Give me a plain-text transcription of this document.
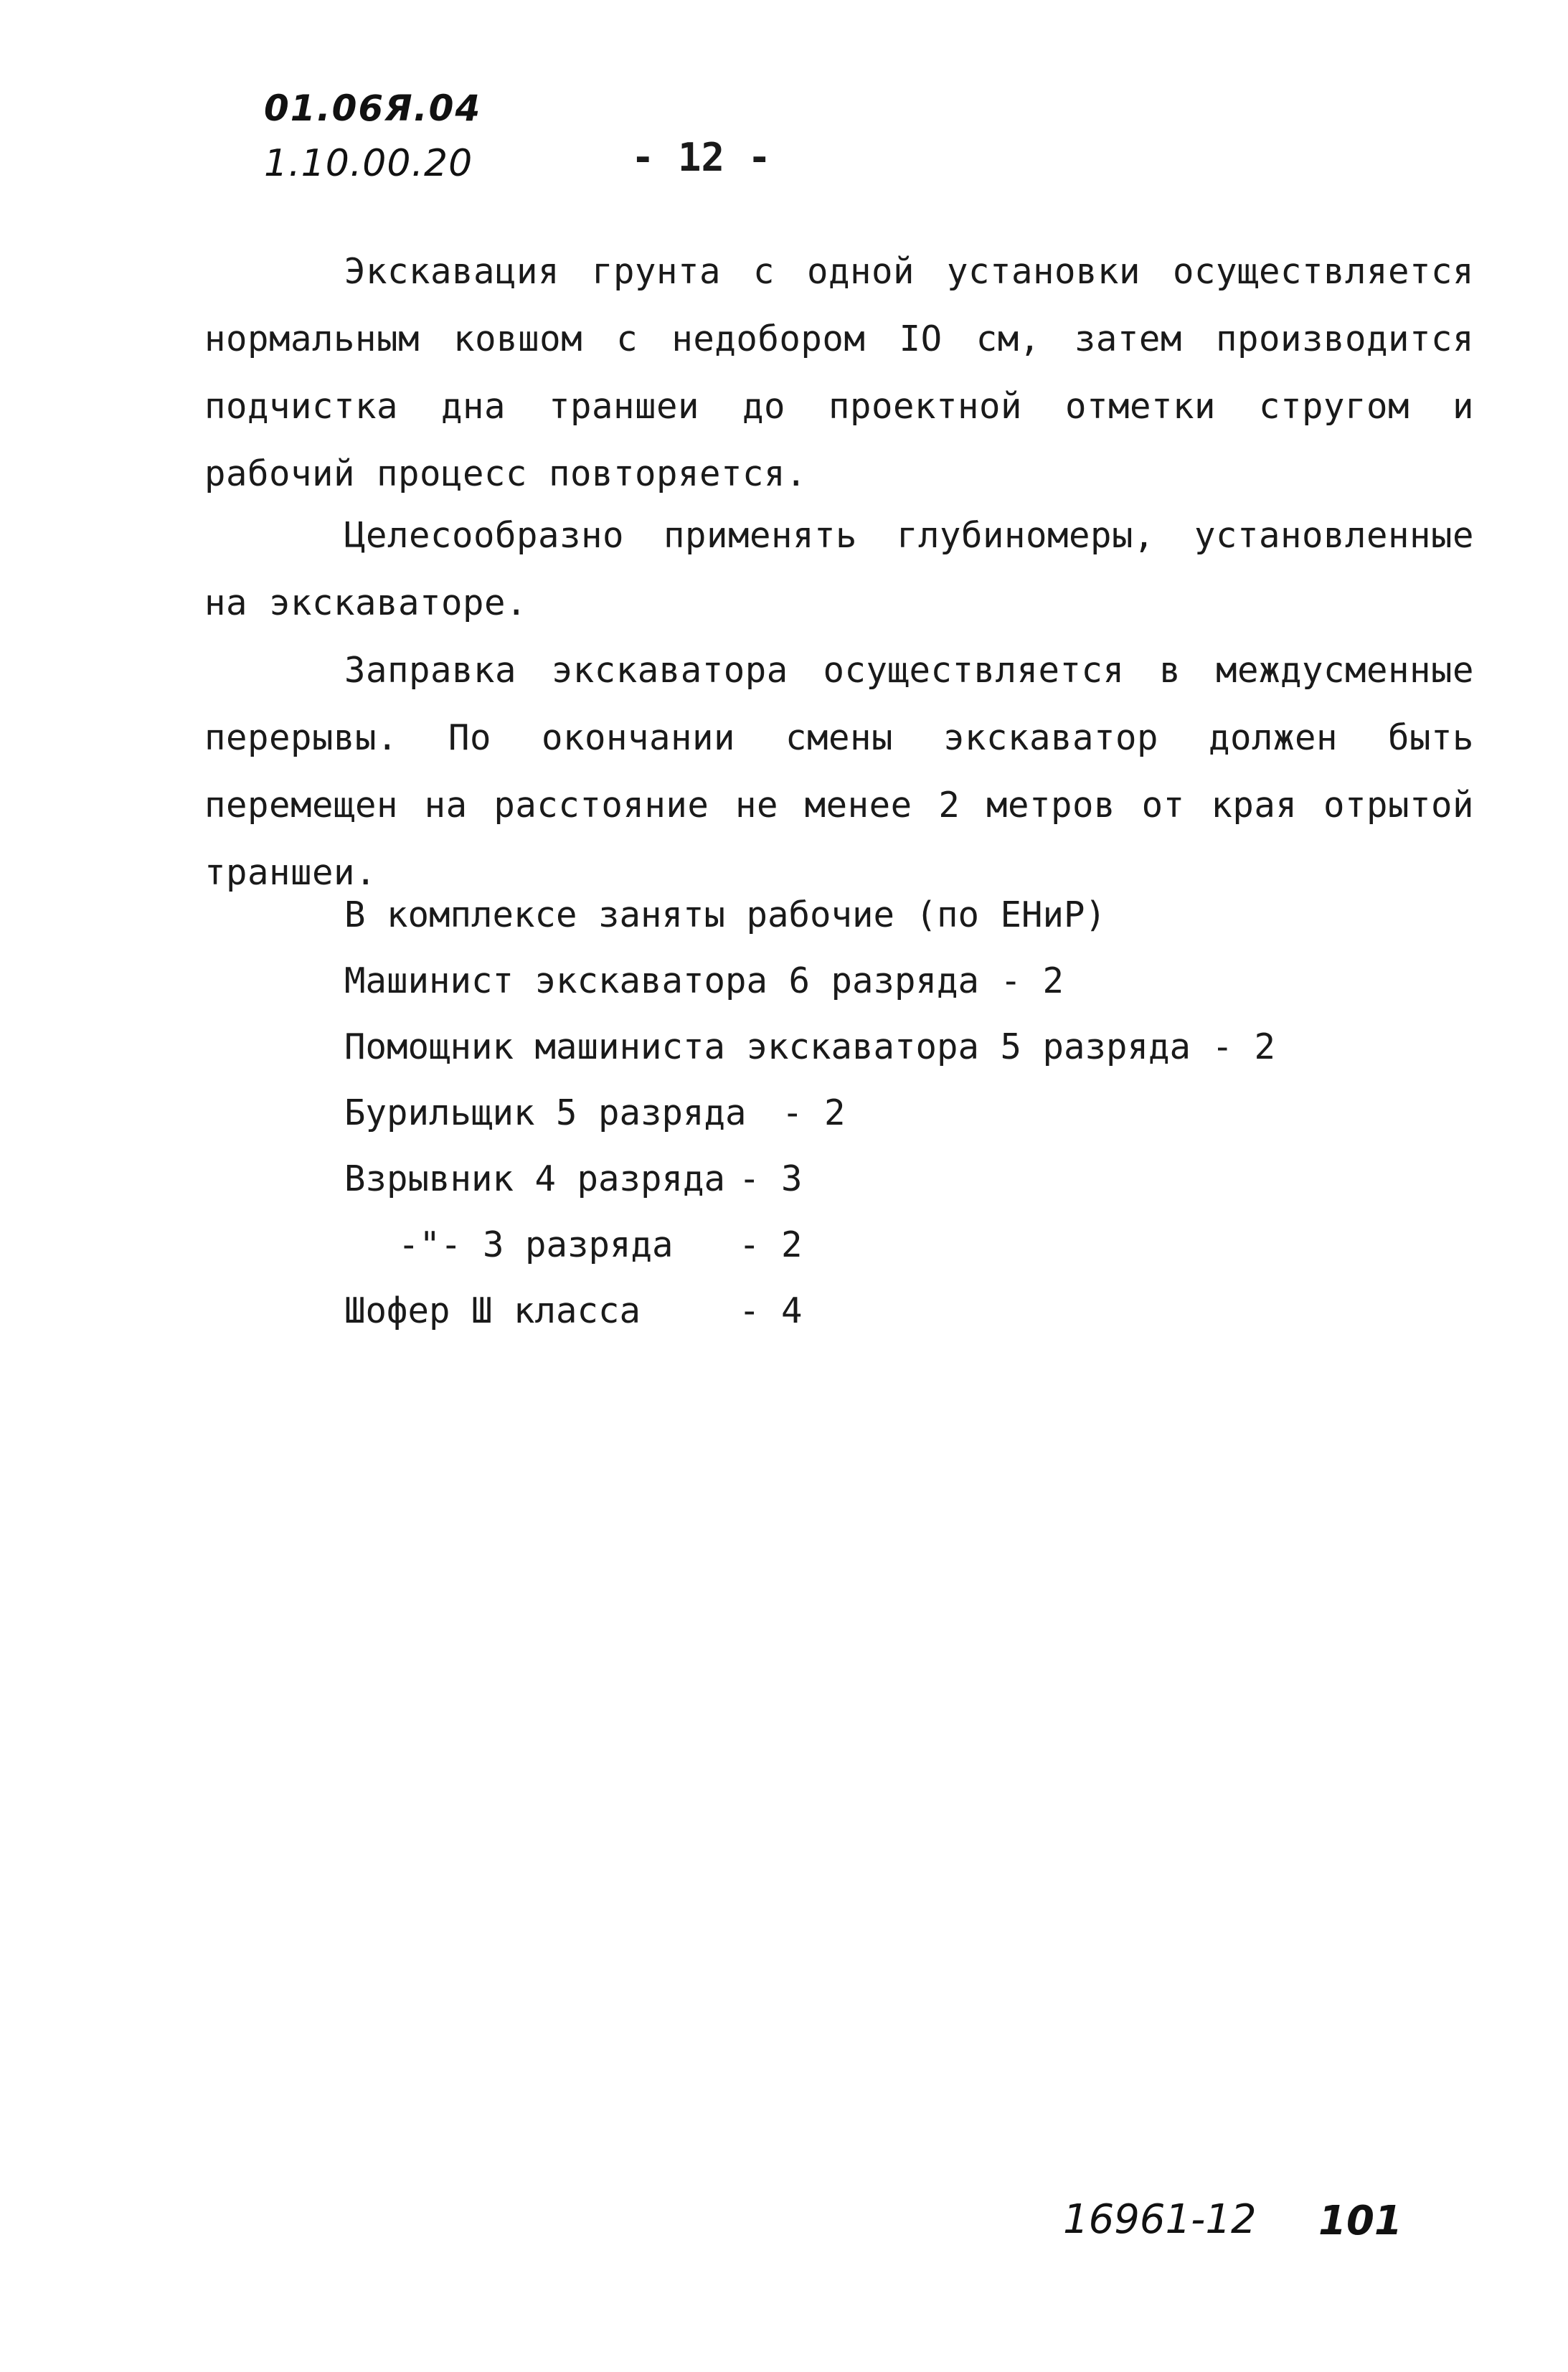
01.06Я.04
1.10.00.20	- 12 -

Экскавация грунта с одной установки осуществляется нормальным ковшом с недобором IO см, затем производится подчистка дна траншеи до проектной отметки стругом и рабочий процесс повторяется.

Целесообразно применять глубиномеры, установленные на экскаваторе.

Заправка экскаватора осуществляется в междусменные перерывы. По окончании смены экскаватор должен быть перемещен на расстояние не менее 2 метров от края отрытой траншеи.

В комплексе заняты рабочие (по ЕНиР)
Машинист экскаватора 6 разряда - 2
Помощник машиниста экскаватора 5 разряда - 2
Бурильщик 5 разряда - 2
Взрывник 4 разряда - 3
-"- 3 разряда - 2
Шофер Ш класса	- 4
16961-12 101
